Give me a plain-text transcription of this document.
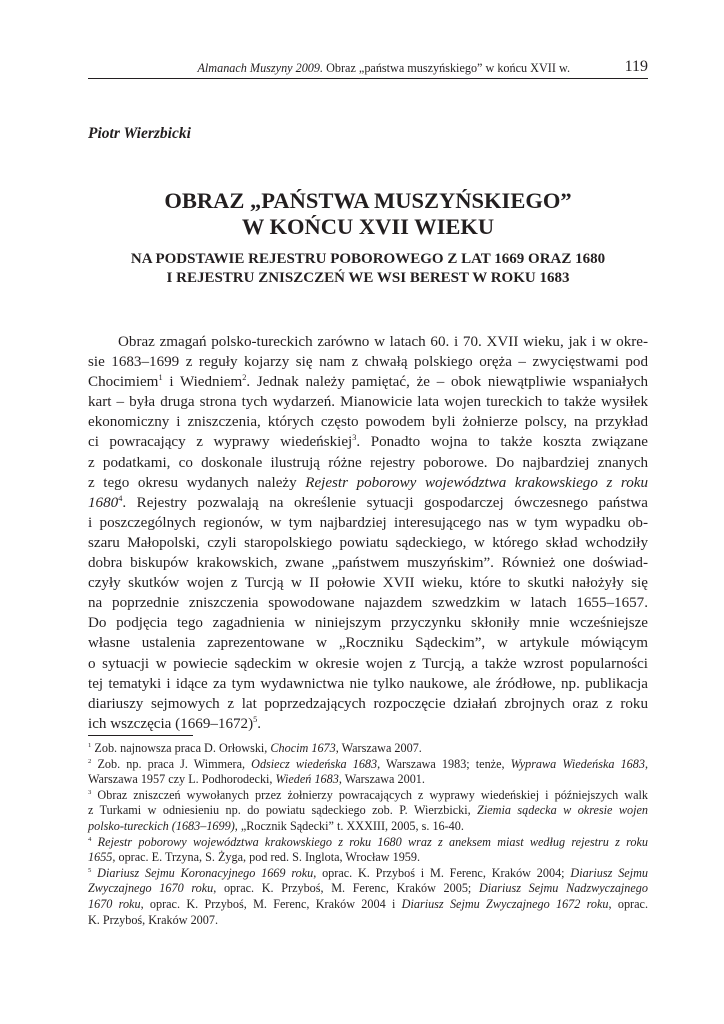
Almanach Muszyny 2009. Obraz „państwa muszyńskiego” w końcu XVII w.	119
Piotr Wierzbicki
OBRAZ „PAŃSTWA MUSZYŃSKIEGO”
W KOŃCU XVII WIEKU
NA PODSTAWIE REJESTRU POBOROWEGO Z LAT 1669 ORAZ 1680
I REJESTRU ZNISZCZEŃ WE WSI BEREST W ROKU 1683
Obraz zmagań polsko-tureckich zarówno w latach 60. i 70. XVII wieku, jak i w okre-
sie 1683–1699 z reguły kojarzy się nam z chwałą polskiego oręża – zwycięstwami pod
Chocimiem$^1$ i Wiedniem$^2$. Jednak należy pamiętać, że – obok niewątpliwie wspaniałych
kart – była druga strona tych wydarzeń. Mianowicie lata wojen tureckich to także wysiłek
ekonomiczny i zniszczenia, których często powodem byli żołnierze polscy, na przykład
ci powracający z wyprawy wiedeńskiej$^3$. Ponadto wojna to także koszta związane
z podatkami, co doskonale ilustrują różne rejestry poborowe. Do najbardziej znanych
z tego okresu wydanych należy Rejestr poborowy województwa krakowskiego z roku
1680$^4$. Rejestry pozwalają na określenie sytuacji gospodarczej ówczesnego państwa
i poszczególnych regionów, w tym najbardziej interesującego nas w tym wypadku ob-
szaru Małopolski, czyli staropolskiego powiatu sądeckiego, w którego skład wchodziły
dobra biskupów krakowskich, zwane „państwem muszyńskim”. Również one doświad-
czyły skutków wojen z Turcją w II połowie XVII wieku, które to skutki nałożyły się
na poprzednie zniszczenia spowodowane najazdem szwedzkim w latach 1655–1657.
Do podjęcia tego zagadnienia w niniejszym przyczynku skłoniły mnie wcześniejsze
własne ustalenia zaprezentowane w „Roczniku Sądeckim”, w artykule mówiącym
o sytuacji w powiecie sądeckim w okresie wojen z Turcją, a także wzrost popularności
tej tematyki i idące za tym wydawnictwa nie tylko naukowe, ale źródłowe, np. publikacja
diariuszy sejmowych z lat poprzedzających rozpoczęcie działań zbrojnych oraz z roku
ich wszczęcia (1669–1672)$^5$.
$^1$ Zob. najnowsza praca D. Orłowski, Chocim 1673, Warszawa 2007.
$^2$ Zob. np. praca J. Wimmera, Odsiecz wiedeńska 1683, Warszawa 1983; tenże, Wyprawa Wiedeńska 1683,
Warszawa 1957 czy L. Podhorodecki, Wiedeń 1683, Warszawa 2001.
$^3$ Obraz zniszczeń wywołanych przez żołnierzy powracających z wyprawy wiedeńskiej i późniejszych walk
z Turkami w odniesieniu np. do powiatu sądeckiego zob. P. Wierzbicki, Ziemia sądecka w okresie wojen
polsko-tureckich (1683–1699), „Rocznik Sądecki” t. XXXIII, 2005, s. 16-40.
$^4$ Rejestr poborowy województwa krakowskiego z roku 1680 wraz z aneksem miast według rejestru z roku
1655, oprac. E. Trzyna, S. Żyga, pod red. S. Inglota, Wrocław 1959.
$^5$ Diariusz Sejmu Koronacyjnego 1669 roku, oprac. K. Przyboś i M. Ferenc, Kraków 2004; Diariusz Sejmu
Zwyczajnego 1670 roku, oprac. K. Przyboś, M. Ferenc, Kraków 2005; Diariusz Sejmu Nadzwyczajnego
1670 roku, oprac. K. Przyboś, M. Ferenc, Kraków 2004 i Diariusz Sejmu Zwyczajnego 1672 roku, oprac.
K. Przyboś, Kraków 2007.
